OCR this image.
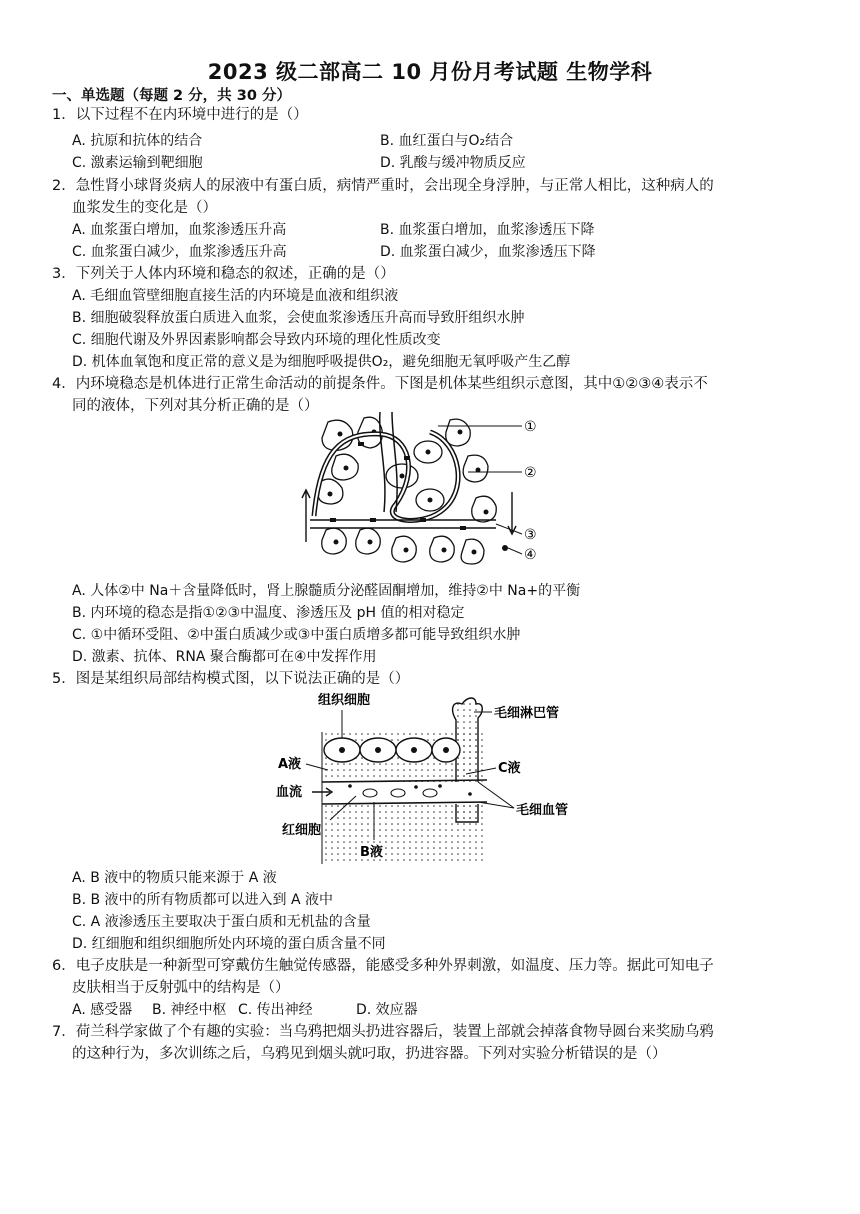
2023 级二部高二 10 月份月考试题 生物学科
一、单选题（每题 2 分，共 30 分）
1．以下过程不在内环境中进行的是（）
A. 抗原和抗体的结合	B. 血红蛋白与O₂结合
C. 激素运输到靶细胞	D. 乳酸与缓冲物质反应
2．急性肾小球肾炎病人的尿液中有蛋白质，病情严重时，会出现全身浮肿，与正常人相比，这种病人的
血浆发生的变化是（）
A. 血浆蛋白增加，血浆渗透压升高	B. 血浆蛋白增加，血浆渗透压下降
C. 血浆蛋白减少，血浆渗透压升高	D. 血浆蛋白减少，血浆渗透压下降
3．下列关于人体内环境和稳态的叙述，正确的是（）
A. 毛细血管壁细胞直接生活的内环境是血液和组织液
B. 细胞破裂释放蛋白质进入血浆，会使血浆渗透压升高而导致肝组织水肿
C. 细胞代谢及外界因素影响都会导致内环境的理化性质改变
D. 机体血氧饱和度正常的意义是为细胞呼吸提供O₂，避免细胞无氧呼吸产生乙醇
4．内环境稳态是机体进行正常生命活动的前提条件。下图是机体某些组织示意图，其中①②③④表示不
同的液体，下列对其分析正确的是（）
①
②
③
④
A. 人体②中 Na＋含量降低时，肾上腺髓质分泌醛固酮增加，维持②中 Na+的平衡
B. 内环境的稳态是指①②③中温度、渗透压及 pH 值的相对稳定
C. ①中循环受阻、②中蛋白质减少或③中蛋白质增多都可能导致组织水肿
D. 激素、抗体、RNA 聚合酶都可在④中发挥作用
5．图是某组织局部结构模式图，以下说法正确的是（）
组织细胞
毛细淋巴管
A液	C液
血流
毛细血管
红细胞
B液
A. B 液中的物质只能来源于 A 液
B. B 液中的所有物质都可以进入到 A 液中
C. A 液渗透压主要取决于蛋白质和无机盐的含量
D. 红细胞和组织细胞所处内环境的蛋白质含量不同
6．电子皮肤是一种新型可穿戴仿生触觉传感器，能感受多种外界刺激，如温度、压力等。据此可知电子
皮肤相当于反射弧中的结构是（）
A. 感受器 B. 神经中枢 C. 传出神经	D. 效应器
7．荷兰科学家做了个有趣的实验：当乌鸦把烟头扔进容器后，装置上部就会掉落食物导圆台来奖励乌鸦
的这种行为，多次训练之后，乌鸦见到烟头就叼取，扔进容器。下列对实验分析错误的是（）
